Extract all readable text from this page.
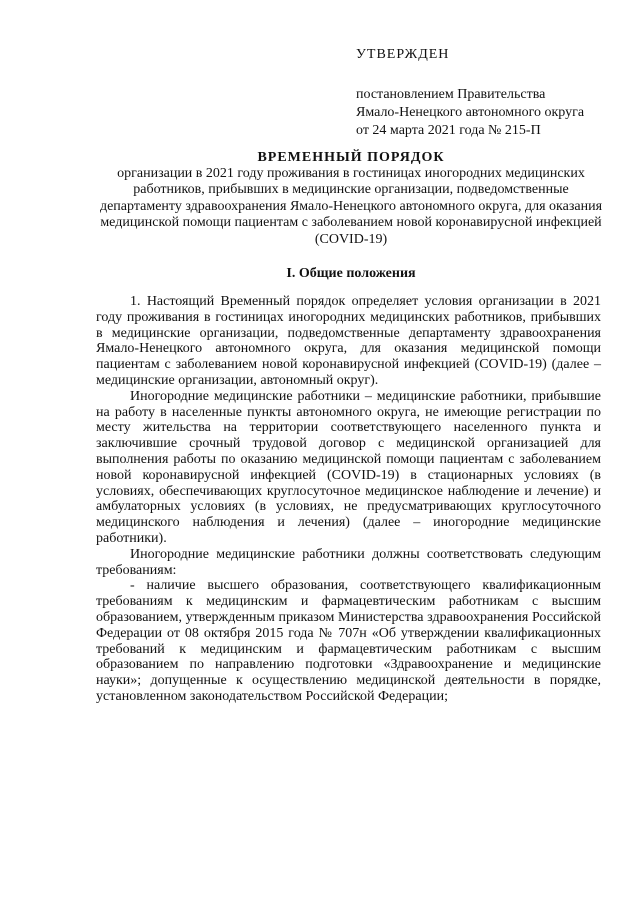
УТВЕРЖДЕН
постановлением Правительства
Ямало-Ненецкого автономного округа
от 24 марта 2021 года № 215-П
ВРЕМЕННЫЙ ПОРЯДОК
организации в 2021 году проживания в гостиницах иногородних медицинских работников, прибывших в медицинские организации, подведомственные департаменту здравоохранения Ямало-Ненецкого автономного округа, для оказания медицинской помощи пациентам с заболеванием новой коронавирусной инфекцией (COVID-19)
I. Общие положения

1. Настоящий Временный порядок определяет условия организации в 2021 году проживания в гостиницах иногородних медицинских работников, прибывших в медицинские организации, подведомственные департаменту здравоохранения Ямало-Ненецкого автономного округа, для оказания медицинской помощи пациентам с заболеванием новой коронавирусной инфекцией (COVID-19) (далее – медицинские организации, автономный округ).

Иногородние медицинские работники – медицинские работники, прибывшие на работу в населенные пункты автономного округа, не имеющие регистрации по месту жительства на территории соответствующего населенного пункта и заключившие срочный трудовой договор с медицинской организацией для выполнения работы по оказанию медицинской помощи пациентам с заболеванием новой коронавирусной инфекцией (COVID-19) в стационарных условиях (в условиях, обеспечивающих круглосуточное медицинское наблюдение и лечение) и амбулаторных условиях (в условиях, не предусматривающих круглосуточного медицинского наблюдения и лечения) (далее – иногородние медицинские работники).

Иногородние медицинские работники должны соответствовать следующим требованиям:

- наличие высшего образования, соответствующего квалификационным требованиям к медицинским и фармацевтическим работникам с высшим образованием, утвержденным приказом Министерства здравоохранения Российской Федерации от 08 октября 2015 года № 707н «Об утверждении квалификационных требований к медицинским и фармацевтическим работникам с высшим образованием по направлению подготовки «Здравоохранение и медицинские науки»; допущенные к осуществлению медицинской деятельности в порядке, установленном законодательством Российской Федерации;
